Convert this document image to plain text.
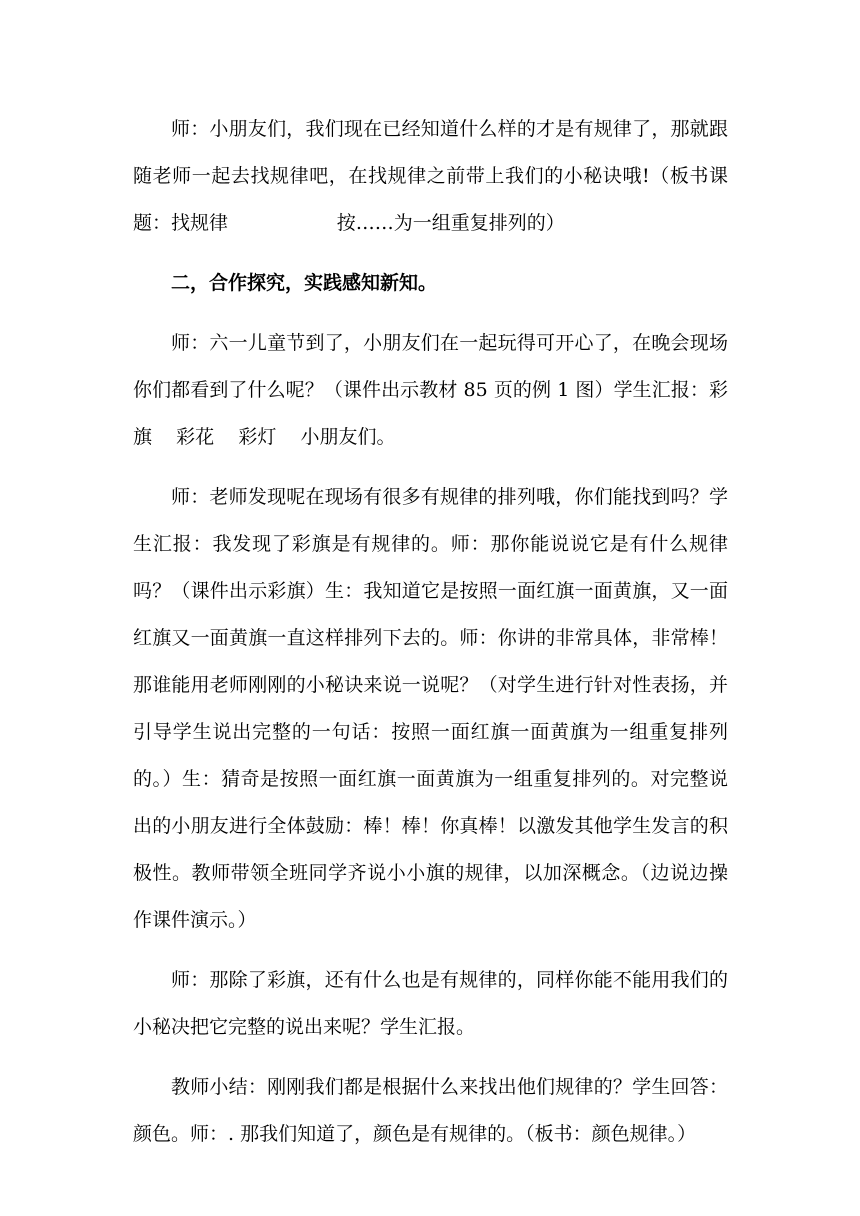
师：小朋友们，我们现在已经知道什么样的才是有规律了，那就跟随老师一起去找规律吧，在找规律之前带上我们的小秘诀哦!（板书课题：找规律                  按……为一组重复排列的）

二，合作探究，实践感知新知。

师：六一儿童节到了，小朋友们在一起玩得可开心了，在晚会现场你们都看到了什么呢？（课件出示教材 85 页的例 1 图）学生汇报：彩旗    彩花    彩灯    小朋友们。

师：老师发现呢在现场有很多有规律的排列哦，你们能找到吗？学生汇报：我发现了彩旗是有规律的。师：那你能说说它是有什么规律吗？（课件出示彩旗）生：我知道它是按照一面红旗一面黄旗，又一面红旗又一面黄旗一直这样排列下去的。师：你讲的非常具体，非常棒！那谁能用老师刚刚的小秘诀来说一说呢？（对学生进行针对性表扬，并引导学生说出完整的一句话：按照一面红旗一面黄旗为一组重复排列的。）生：猜奇是按照一面红旗一面黄旗为一组重复排列的。对完整说出的小朋友进行全体鼓励：棒！棒！你真棒！以激发其他学生发言的积极性。教师带领全班同学齐说小小旗的规律，以加深概念。（边说边操作课件演示。）

师：那除了彩旗，还有什么也是有规律的，同样你能不能用我们的小秘决把它完整的说出来呢？学生汇报。

教师小结：刚刚我们都是根据什么来找出他们规律的？学生回答：颜色。师：. 那我们知道了，颜色是有规律的。（板书：颜色规律。）
